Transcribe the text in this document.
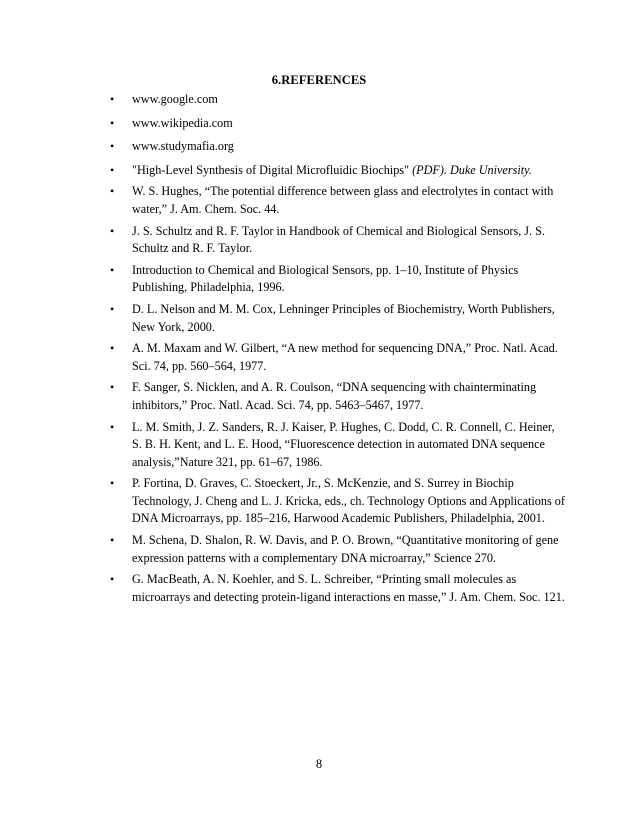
6.REFERENCES
• www.google.com
• www.wikipedia.com
• www.studymafia.org
• "High-Level Synthesis of Digital Microfluidic Biochips" (PDF). Duke University.
• W. S. Hughes, “The potential difference between glass and electrolytes in contact with water,” J. Am. Chem. Soc. 44.
• J. S. Schultz and R. F. Taylor in Handbook of Chemical and Biological Sensors, J. S. Schultz and R. F. Taylor.
• Introduction to Chemical and Biological Sensors, pp. 1–10, Institute of Physics Publishing, Philadelphia, 1996.
• D. L. Nelson and M. M. Cox, Lehninger Principles of Biochemistry, Worth Publishers, New York, 2000.
• A. M. Maxam and W. Gilbert, “A new method for sequencing DNA,” Proc. Natl. Acad. Sci. 74, pp. 560–564, 1977.
• F. Sanger, S. Nicklen, and A. R. Coulson, “DNA sequencing with chainterminating inhibitors,” Proc. Natl. Acad. Sci. 74, pp. 5463–5467, 1977.
• L. M. Smith, J. Z. Sanders, R. J. Kaiser, P. Hughes, C. Dodd, C. R. Connell, C. Heiner, S. B. H. Kent, and L. E. Hood, “Fluorescence detection in automated DNA sequence analysis,”Nature 321, pp. 61–67, 1986.
• P. Fortina, D. Graves, C. Stoeckert, Jr., S. McKenzie, and S. Surrey in Biochip Technology, J. Cheng and L. J. Kricka, eds., ch. Technology Options and Applications of DNA Microarrays, pp. 185–216, Harwood Academic Publishers, Philadelphia, 2001.
• M. Schena, D. Shalon, R. W. Davis, and P. O. Brown, “Quantitative monitoring of gene expression patterns with a complementary DNA microarray,” Science 270.
• G. MacBeath, A. N. Koehler, and S. L. Schreiber, “Printing small molecules as microarrays and detecting protein-ligand interactions en masse,” J. Am. Chem. Soc. 121.
8
